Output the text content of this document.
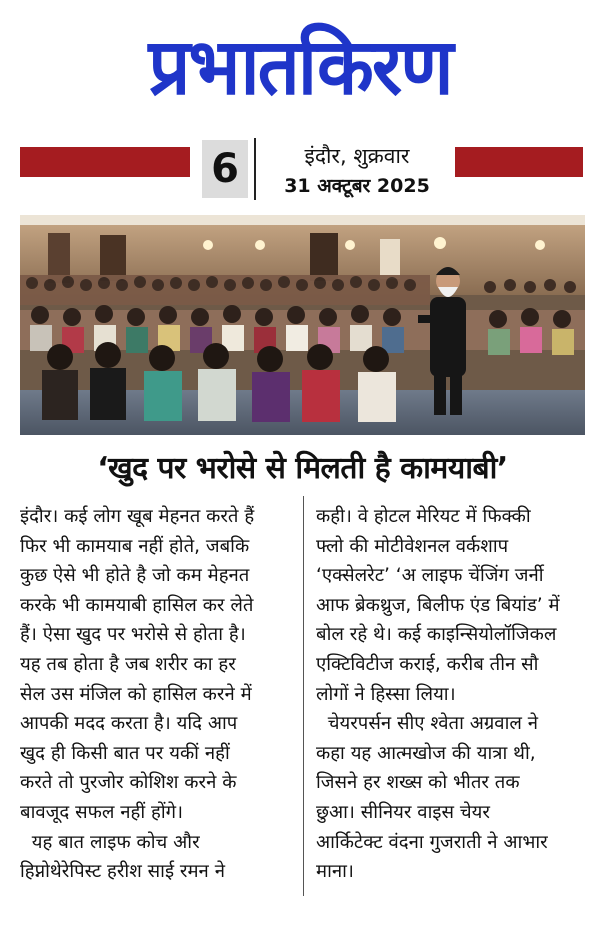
प्रभातकिरण
6	इंदौर, शुक्रवार
31 अक्टूबर 2025
‘खुद पर भरोसे से मिलती है कामयाबी’
इंदौर। कई लोग खूब मेहनत करते हैं
फिर भी कामयाब नहीं होते, जबकि
कुछ ऐसे भी होते है जो कम मेहनत
करके भी कामयाबी हासिल कर लेते
हैं। ऐसा खुद पर भरोसे से होता है।
यह तब होता है जब शरीर का हर
सेल उस मंजिल को हासिल करने में
आपकी मदद करता है। यदि आप
खुद ही किसी बात पर यकीं नहीं
करते तो पुरजोर कोशिश करने के
बावजूद सफल नहीं होंगे।
यह बात लाइफ कोच और
हिप्नोथेरेपिस्ट हरीश साई रमन ने
कही। वे होटल मेरियट में फिक्की
फ्लो की मोटीवेशनल वर्कशाप
‘एक्सेलरेट’ ‘अ लाइफ चेंजिंग जर्नी
आफ ब्रेकथ्रुज, बिलीफ एंड बियांड’ में
बोल रहे थे। कई काइन्सियोलॉजिकल
एक्टिविटीज कराई, करीब तीन सौ
लोगों ने हिस्सा लिया।
चेयरपर्सन सीए श्वेता अग्रवाल ने
कहा यह आत्मखोज की यात्रा थी,
जिसने हर शख्स को भीतर तक
छुआ। सीनियर वाइस चेयर
आर्किटेक्ट वंदना गुजराती ने आभार
माना।
